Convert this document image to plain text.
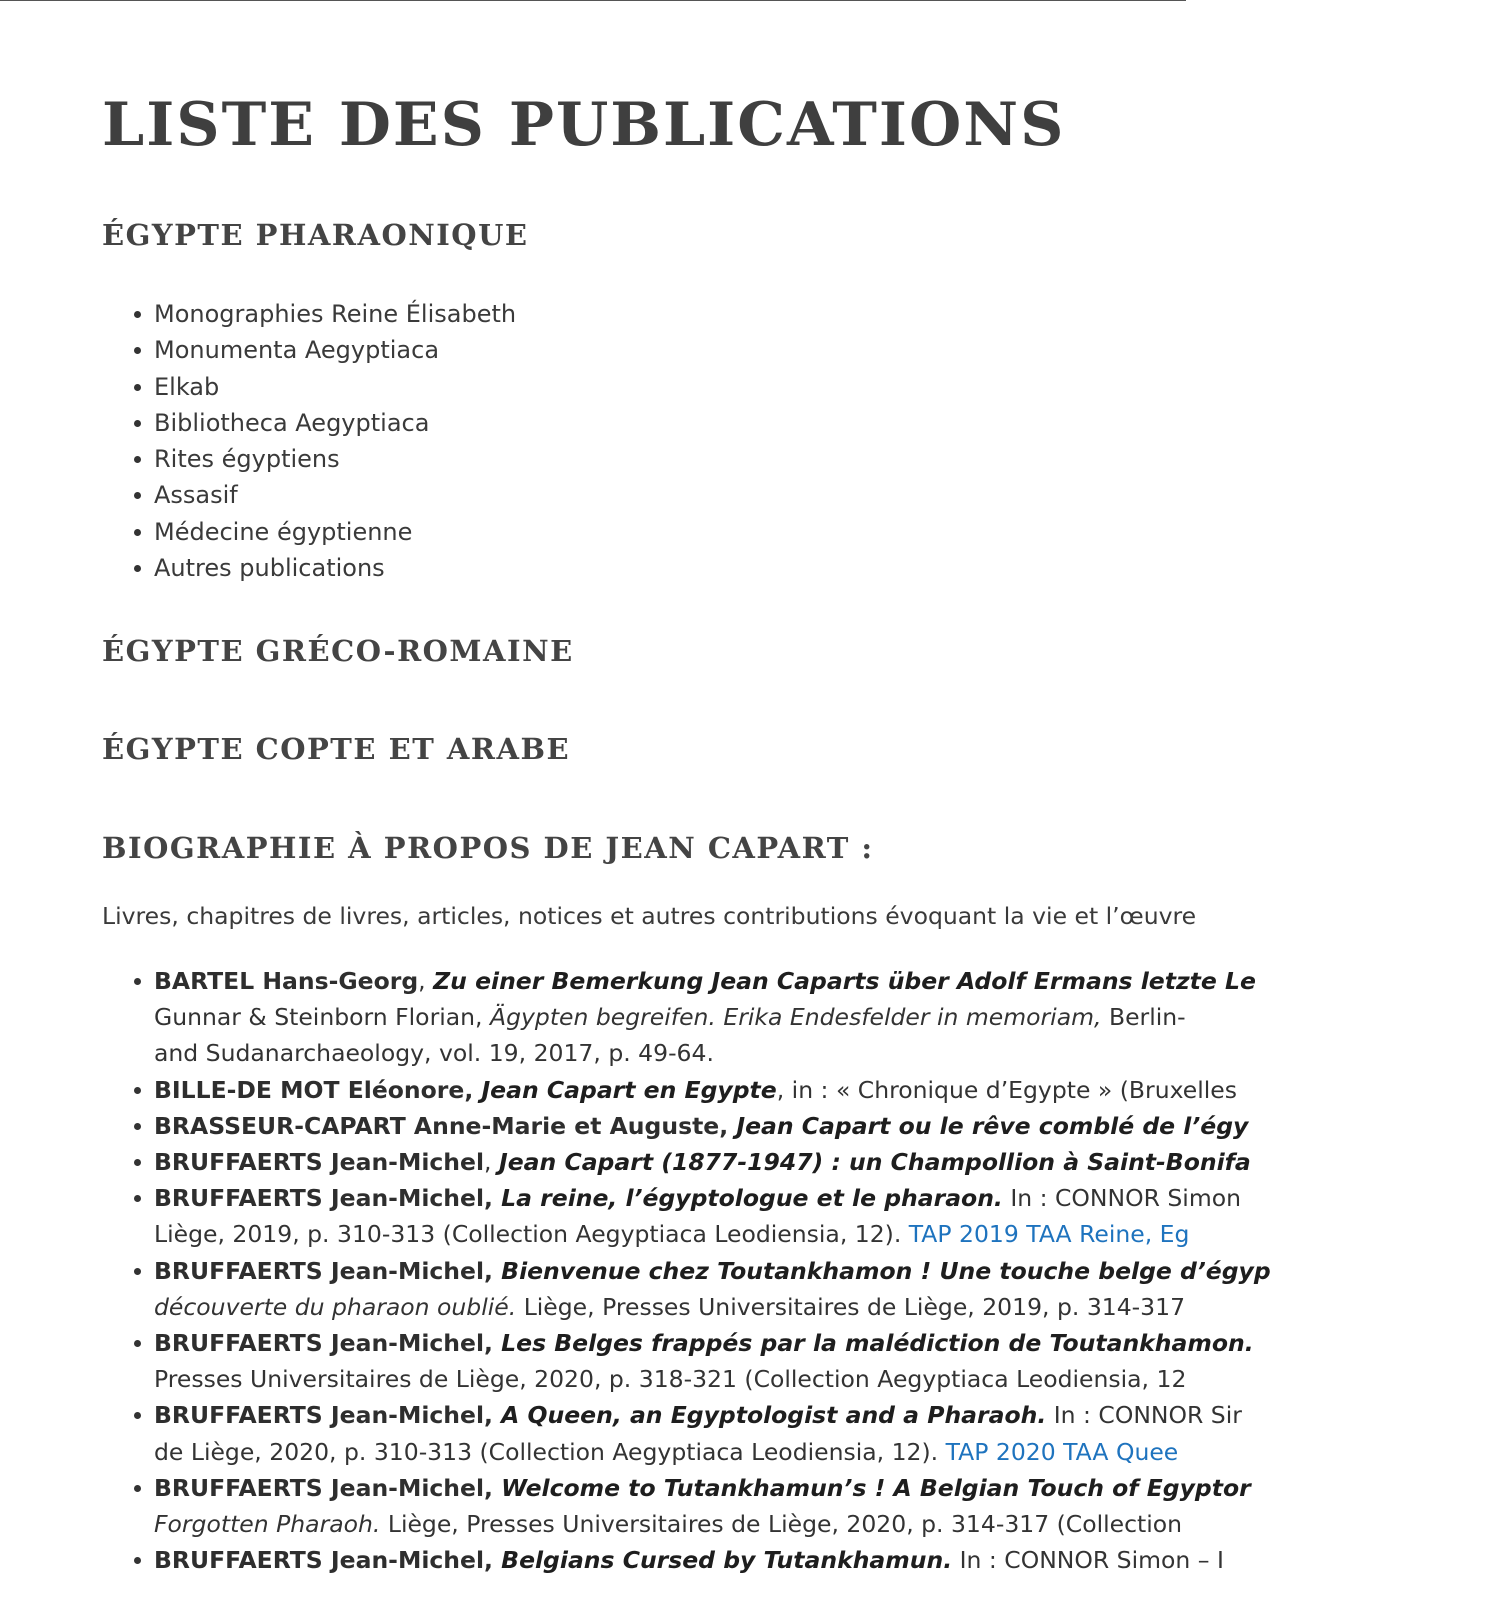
LISTE DES PUBLICATIONS
ÉGYPTE PHARAONIQUE
Monographies Reine Élisabeth
Monumenta Aegyptiaca
Elkab
Bibliotheca Aegyptiaca
Rites égyptiens
Assasif
Médecine égyptienne
Autres publications
ÉGYPTE GRÉCO-ROMAINE
ÉGYPTE COPTE ET ARABE
BIOGRAPHIE À PROPOS DE JEAN CAPART :

Livres, chapitres de livres, articles, notices et autres contributions évoquant la vie et l’œuvre

BARTEL Hans-Georg, Zu einer Bemerkung Jean Caparts über Adolf Ermans letzte Le
Gunnar & Steinborn Florian, Ägypten begreifen. Erika Endesfelder in memoriam, Berlin-
and Sudanarchaeology, vol. 19, 2017, p. 49-64.
BILLE-DE MOT Eléonore, Jean Capart en Egypte, in : « Chronique d’Egypte » (Bruxelles
BRASSEUR-CAPART Anne-Marie et Auguste, Jean Capart ou le rêve comblé de l’égy
BRUFFAERTS Jean-Michel, Jean Capart (1877-1947) : un Champollion à Saint-Bonifa
BRUFFAERTS Jean-Michel, La reine, l’égyptologue et le pharaon. In : CONNOR Simon
Liège, 2019, p. 310-313 (Collection Aegyptiaca Leodiensia, 12). TAP 2019 TAA Reine, Eg
BRUFFAERTS Jean-Michel, Bienvenue chez Toutankhamon ! Une touche belge d’égyp
découverte du pharaon oublié. Liège, Presses Universitaires de Liège, 2019, p. 314-317
BRUFFAERTS Jean-Michel, Les Belges frappés par la malédiction de Toutankhamon.
Presses Universitaires de Liège, 2020, p. 318-321 (Collection Aegyptiaca Leodiensia, 12
BRUFFAERTS Jean-Michel, A Queen, an Egyptologist and a Pharaoh. In : CONNOR Sir
de Liège, 2020, p. 310-313 (Collection Aegyptiaca Leodiensia, 12). TAP 2020 TAA Quee
BRUFFAERTS Jean-Michel, Welcome to Tutankhamun’s ! A Belgian Touch of Egyptor
Forgotten Pharaoh. Liège, Presses Universitaires de Liège, 2020, p. 314-317 (Collection
BRUFFAERTS Jean-Michel, Belgians Cursed by Tutankhamun. In : CONNOR Simon – I
